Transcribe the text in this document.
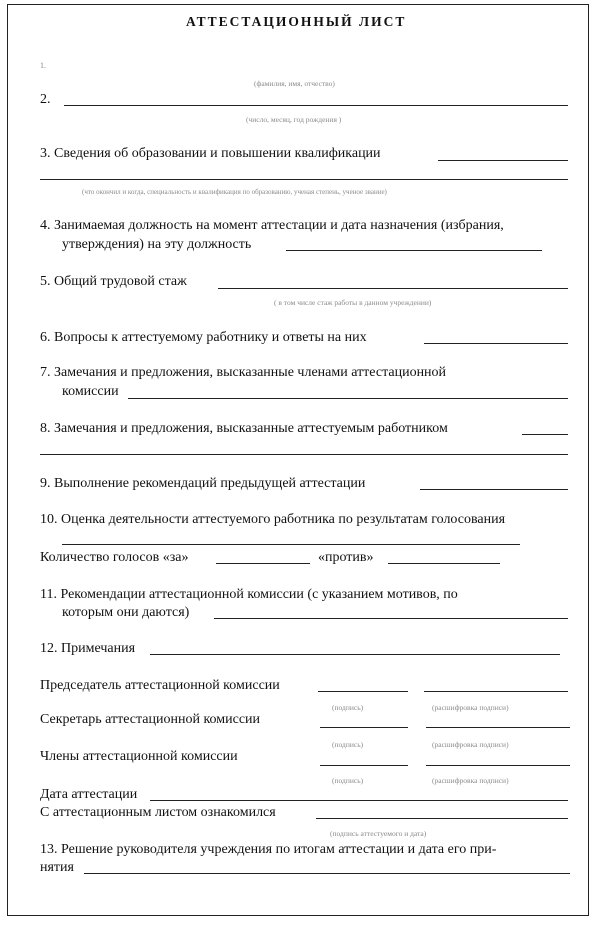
АТТЕСТАЦИОННЫЙ ЛИСТ
1.
(фамилия, имя, отчество)
2.
(число, месяц, год рождения )
3. Сведения об образовании и повышении квалификации
(что окончил и когда, специальность и квалификация по образованию, ученая степень, ученое звание)
4. Занимаемая должность на момент аттестации и дата назначения (избрания,
утверждения) на эту должность
5. Общий трудовой стаж
( в том числе стаж работы в данном учреждении)
6. Вопросы к аттестуемому работнику и ответы на них
7. Замечания и предложения, высказанные членами аттестационной
комиссии
8. Замечания и предложения, высказанные аттестуемым работником
9. Выполнение рекомендаций предыдущей аттестации
10. Оценка деятельности аттестуемого работника по результатам голосования
Количество голосов «за»	«против»
11. Рекомендации аттестационной комиссии (с указанием мотивов, по
которым они даются)
12. Примечания
Председатель аттестационной комиссии
(подпись)	(расшифровка подписи)
Секретарь аттестационной комиссии
(подпись)	(расшифровка подписи)
Члены аттестационной комиссии
(подпись)	(расшифровка подписи)
Дата аттестации
С аттестационным листом ознакомился
(подпись аттестуемого и дата)
13. Решение руководителя учреждения по итогам аттестации и дата его при-
нятия
